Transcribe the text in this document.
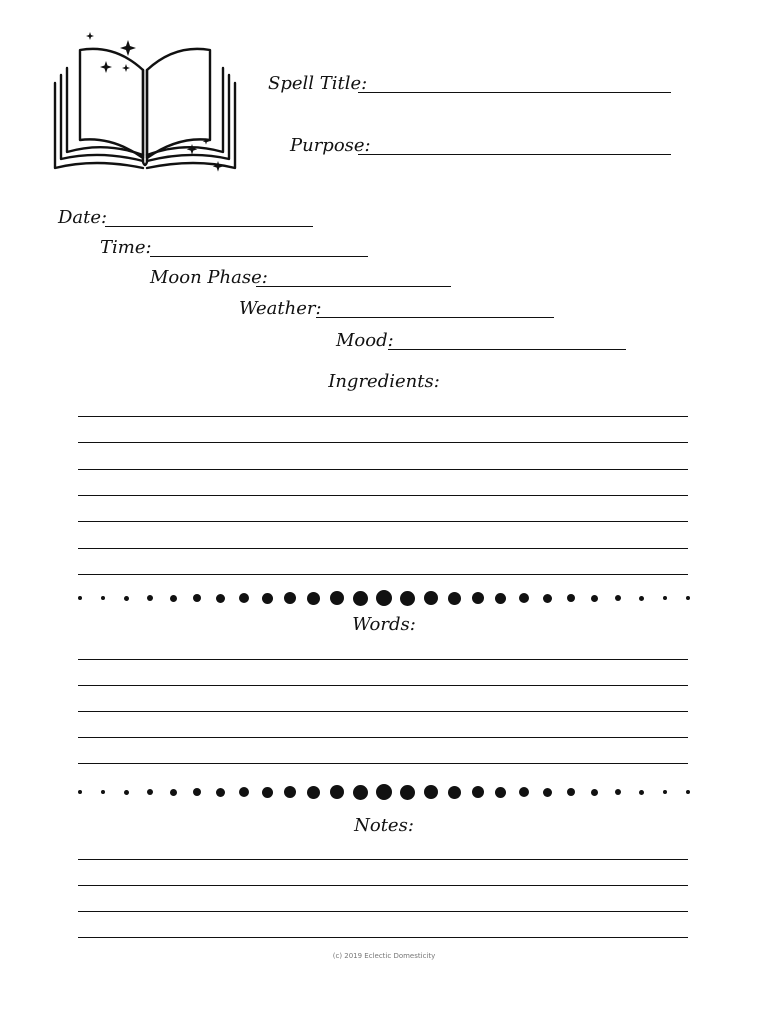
Spell Title:
Purpose:
Date:
Time:
Moon Phase:
Weather:
Mood:
Ingredients:
Words:
Notes:
(c) 2019 Eclectic Domesticity
